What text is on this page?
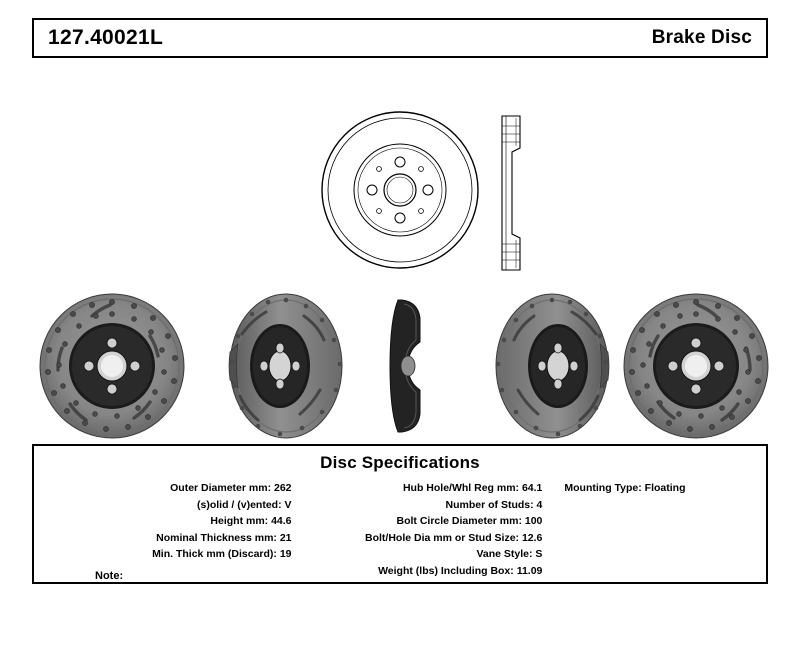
127.40021L	Brake Disc
Disc Specifications
Outer Diameter mm: 262
(s)olid / (v)ented: V
Height mm: 44.6
Nominal Thickness mm: 21
Min. Thick mm (Discard): 19
Hub Hole/Whl Reg mm: 64.1
Number of Studs: 4
Bolt Circle Diameter mm: 100
Bolt/Hole Dia mm or Stud Size: 12.6
Vane Style: S
Weight (lbs) Including Box: 11.09
Mounting Type: Floating
Note:
